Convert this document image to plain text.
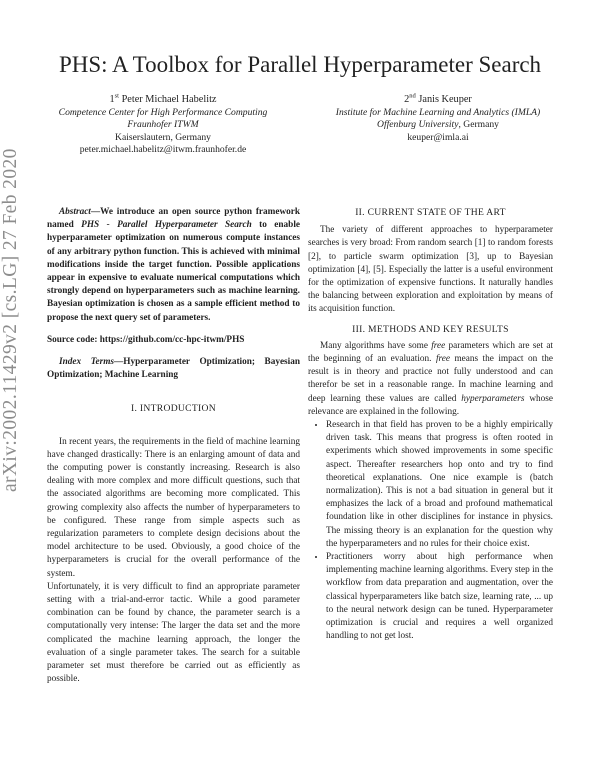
PHS: A Toolbox for Parallel Hyperparameter Search
1st Peter Michael Habelitz
Competence Center for High Performance Computing
Fraunhofer ITWM
Kaiserslautern, Germany
peter.michael.habelitz@itwm.fraunhofer.de
2nd Janis Keuper
Institute for Machine Learning and Analytics (IMLA)
Offenburg University, Germany
keuper@imla.ai
arXiv:2002.11429v2 [cs.LG] 27 Feb 2020	Abstract—We introduce an open source python framework named PHS - Parallel Hyperparameter Search to enable hyperparameter optimization on numerous compute instances of any arbitrary python function. This is achieved with minimal modifications inside the target function. Possible applications appear in expensive to evaluate numerical computations which strongly depend on hyperparameters such as machine learning. Bayesian optimization is chosen as a sample efficient method to propose the next query set of parameters.

Source code: https://github.com/cc-hpc-itwm/PHS

Index Terms—Hyperparameter Optimization; Bayesian Optimization; Machine Learning

I. INTRODUCTION

In recent years, the requirements in the field of machine learning have changed drastically: There is an enlarging amount of data and the computing power is constantly increasing. Research is also dealing with more complex and more difficult questions, such that the associated algorithms are becoming more complicated. This growing complexity also affects the number of hyperparameters to be configured. These range from simple aspects such as regularization parameters to complete design decisions about the model architecture to be used. Obviously, a good choice of the hyperparameters is crucial for the overall performance of the system.

Unfortunately, it is very difficult to find an appropriate parameter setting with a trial-and-error tactic. While a good parameter combination can be found by chance, the parameter search is a computationally very intense: The larger the data set and the more complicated the machine learning approach, the longer the evaluation of a single parameter takes. The search for a suitable parameter set must therefore be carried out as efficiently as possible.

II. CURRENT STATE OF THE ART

The variety of different approaches to hyperparameter searches is very broad: From random search [1] to random forests [2], to particle swarm optimization [3], up to Bayesian optimization [4], [5]. Especially the latter is a useful environment for the optimization of expensive functions. It naturally handles the balancing between exploration and exploitation by means of its acquisition function.

III. METHODS AND KEY RESULTS

Many algorithms have some free parameters which are set at the beginning of an evaluation. free means the impact on the result is in theory and practice not fully understood and can therefor be set in a reasonable range. In machine learning and deep learning these values are called hyperparameters whose relevance are explained in the following.

• Research in that field has proven to be a highly empirically driven task. This means that progress is often rooted in experiments which showed improvements in some specific aspect. Thereafter researchers hop onto and try to find theoretical explanations. One nice example is (batch normalization). This is not a bad situation in general but it emphasizes the lack of a broad and profound mathematical foundation like in other disciplines for instance in physics. The missing theory is an explanation for the question why the hyperparameters and no rules for their choice exist.
• Practitioners worry about high performance when implementing machine learning algorithms. Every step in the workflow from data preparation and augmentation, over the classical hyperparameters like batch size, learning rate, ... up to the neural network design can be tuned. Hyperparameter optimization is crucial and requires a well organized handling to not get lost.
